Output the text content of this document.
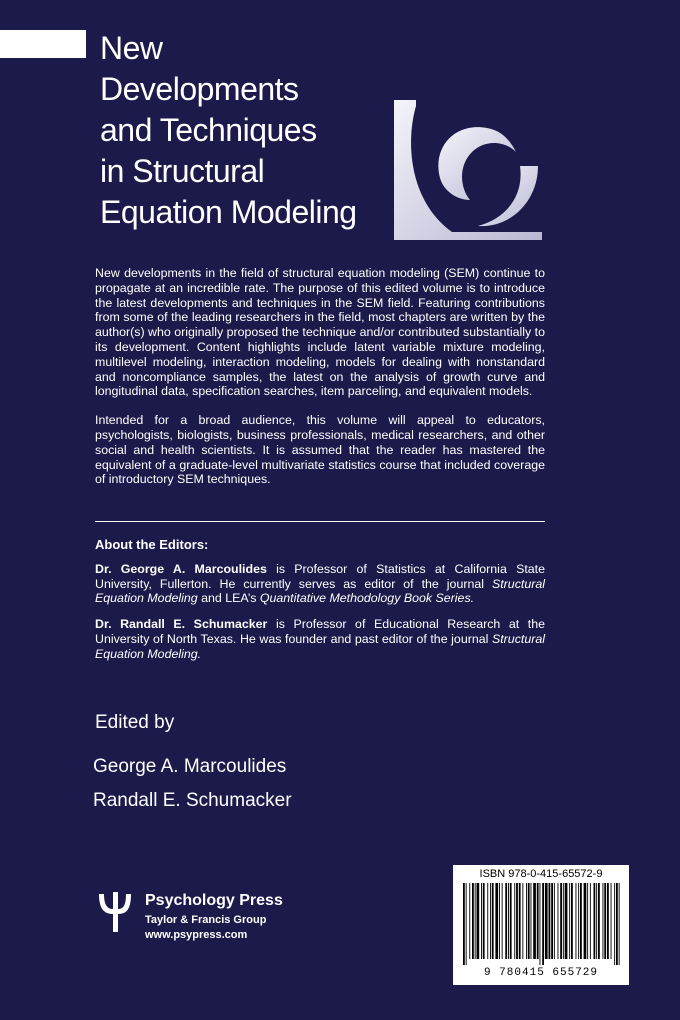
New
Developments
and Techniques
in Structural
Equation Modeling

New developments in the field of structural equation modeling (SEM) continue to propagate at an incredible rate. The purpose of this edited volume is to introduce the latest developments and techniques in the SEM field. Featuring contributions from some of the leading researchers in the field, most chapters are written by the author(s) who originally proposed the technique and/or contributed substantially to its development. Content highlights include latent variable mixture modeling, multilevel modeling, interaction modeling, models for dealing with nonstandard and noncompliance samples, the latest on the analysis of growth curve and longitudinal data, specification searches, item parceling, and equivalent models.

Intended for a broad audience, this volume will appeal to educators, psychologists, biologists, business professionals, medical researchers, and other social and health scientists. It is assumed that the reader has mastered the equivalent of a graduate-level multivariate statistics course that included coverage of introductory SEM techniques.

About the Editors:

Dr. George A. Marcoulides is Professor of Statistics at California State University, Fullerton. He currently serves as editor of the journal Structural Equation Modeling and LEA’s Quantitative Methodology Book Series.

Dr. Randall E. Schumacker is Professor of Educational Research at the University of North Texas. He was founder and past editor of the journal Structural Equation Modeling.

Edited by
George A. Marcoulides
Randall E. Schumacker
Psychology Press
Taylor & Francis Group
www.psypress.com
ISBN 978-0-415-65572-9
9 780415 655729
